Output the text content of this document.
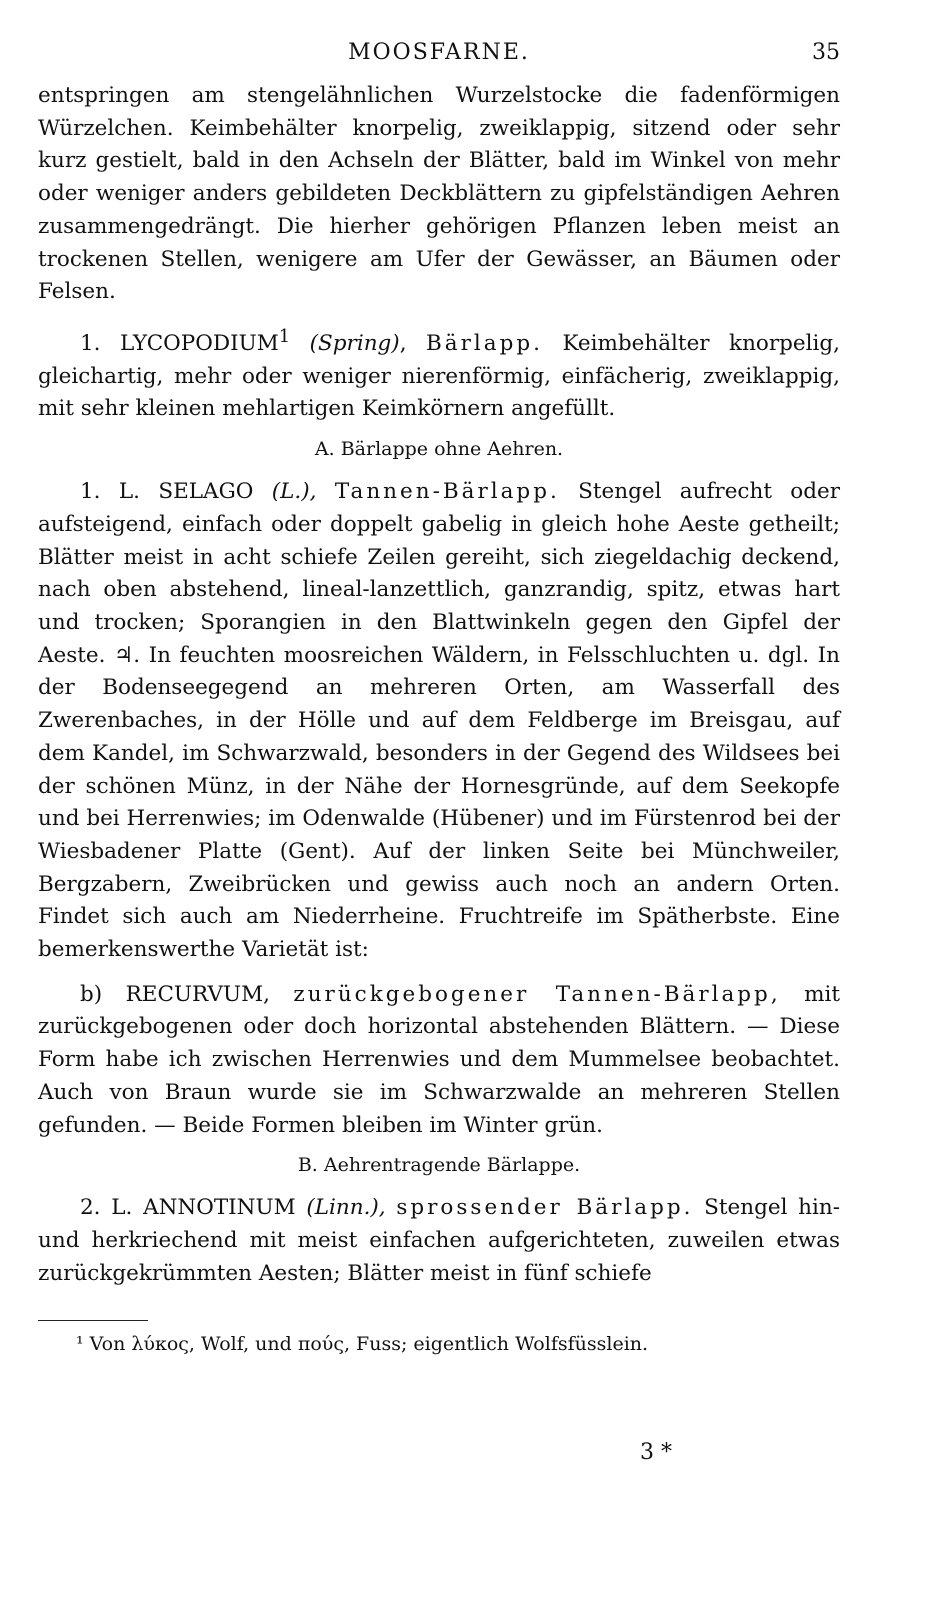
MOOSFARNE.	35

entspringen am stengelähnlichen Wurzelstocke die fadenförmigen Würzelchen. Keimbehälter knorpelig, zweiklappig, sitzend oder sehr kurz gestielt, bald in den Achseln der Blätter, bald im Winkel von mehr oder weniger anders gebildeten Deckblättern zu gipfelständigen Aehren zusammengedrängt. Die hierher gehörigen Pflanzen leben meist an trockenen Stellen, wenigere am Ufer der Gewässer, an Bäumen oder Felsen.

1. LYCOPODIUM$^1$ (Spring), Bärlapp. Keimbehälter knorpelig, gleichartig, mehr oder weniger nierenförmig, einfächerig, zweiklappig, mit sehr kleinen mehlartigen Keimkörnern angefüllt.

A. Bärlappe ohne Aehren.

1. L. SELAGO (L.), Tannen-Bärlapp. Stengel aufrecht oder aufsteigend, einfach oder doppelt gabelig in gleich hohe Aeste getheilt; Blätter meist in acht schiefe Zeilen gereiht, sich ziegeldachig deckend, nach oben abstehend, lineal-lanzettlich, ganzrandig, spitz, etwas hart und trocken; Sporangien in den Blattwinkeln gegen den Gipfel der Aeste. ♃. In feuchten moosreichen Wäldern, in Felsschluchten u. dgl. In der Bodenseegegend an mehreren Orten, am Wasserfall des Zwerenbaches, in der Hölle und auf dem Feldberge im Breisgau, auf dem Kandel, im Schwarzwald, besonders in der Gegend des Wildsees bei der schönen Münz, in der Nähe der Hornesgründe, auf dem Seekopfe und bei Herrenwies; im Odenwalde (Hübener) und im Fürstenrod bei der Wiesbadener Platte (Gent). Auf der linken Seite bei Münchweiler, Bergzabern, Zweibrücken und gewiss auch noch an andern Orten. Findet sich auch am Niederrheine. Fruchtreife im Spätherbste. Eine bemerkenswerthe Varietät ist:

b) RECURVUM, zurückgebogener Tannen-Bärlapp, mit zurückgebogenen oder doch horizontal abstehenden Blättern. — Diese Form habe ich zwischen Herrenwies und dem Mummelsee beobachtet. Auch von Braun wurde sie im Schwarzwalde an mehreren Stellen gefunden. — Beide Formen bleiben im Winter grün.

B. Aehrentragende Bärlappe.

2. L. ANNOTINUM (Linn.), sprossender Bärlapp. Stengel hin- und herkriechend mit meist einfachen aufgerichteten, zuweilen etwas zurückgekrümmten Aesten; Blätter meist in fünf schiefe

¹ Von λύκος, Wolf, und πούς, Fuss; eigentlich Wolfsfüsslein.
3 *
